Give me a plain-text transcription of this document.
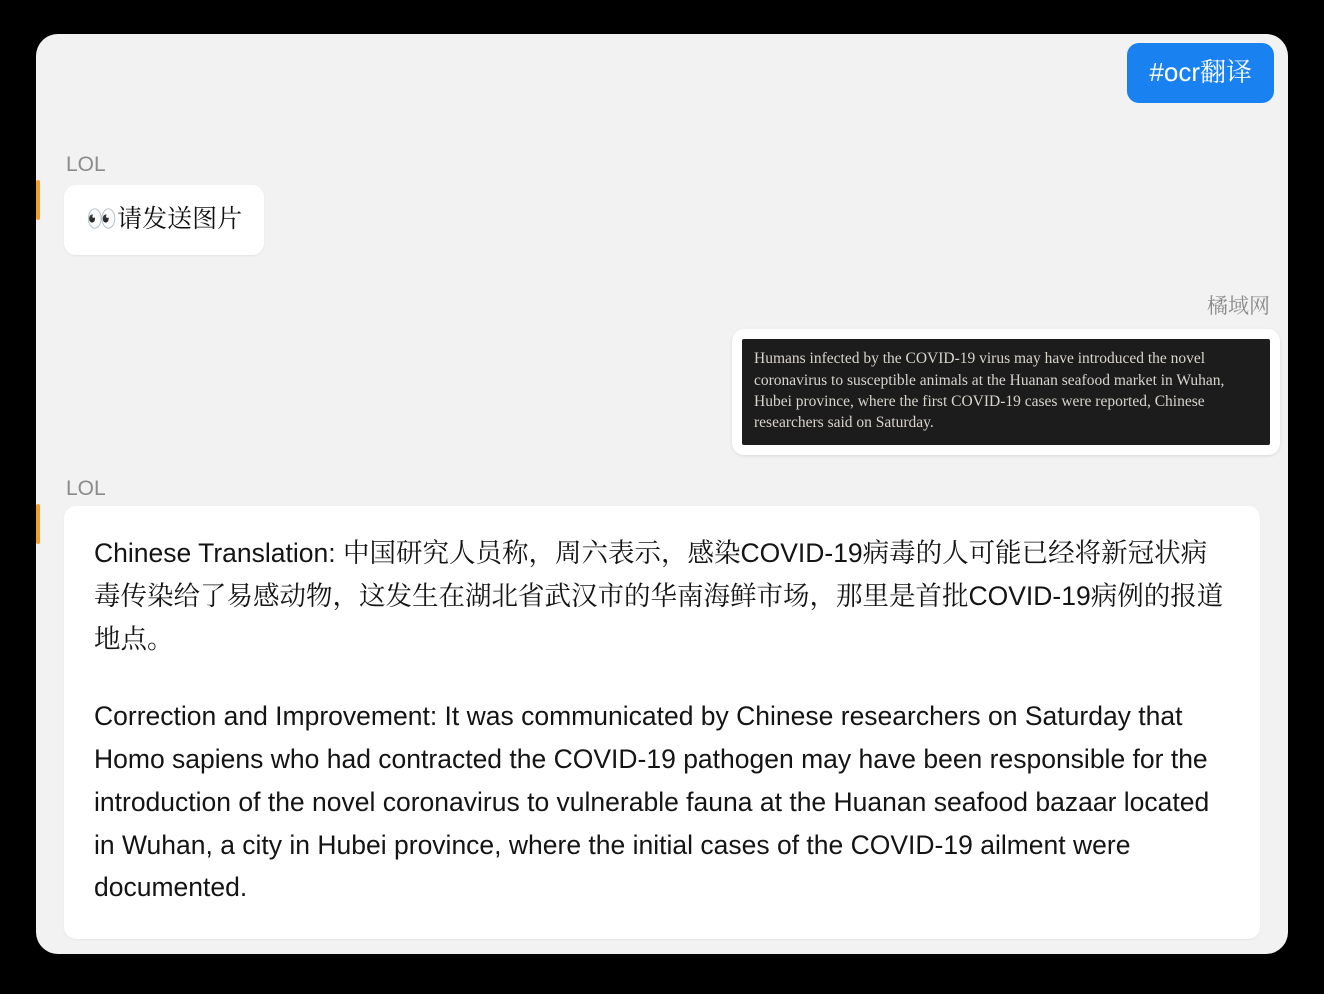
#ocr翻译
LOL
👀请发送图片
橘域网
Humans infected by the COVID-19 virus may have introduced the novel coronavirus to susceptible animals at the Huanan seafood market in Wuhan, Hubei province, where the first COVID-19 cases were reported, Chinese researchers said on Saturday.
LOL

Chinese Translation: 中国研究人员称，周六表示，感染COVID-19病毒的人可能已经将新冠状病毒传染给了易感动物，这发生在湖北省武汉市的华南海鲜市场，那里是首批COVID-19病例的报道地点。

Correction and Improvement: It was communicated by Chinese researchers on Saturday that Homo sapiens who had contracted the COVID-19 pathogen may have been responsible for the introduction of the novel coronavirus to vulnerable fauna at the Huanan seafood bazaar located in Wuhan, a city in Hubei province, where the initial cases of the COVID-19 ailment were documented.
